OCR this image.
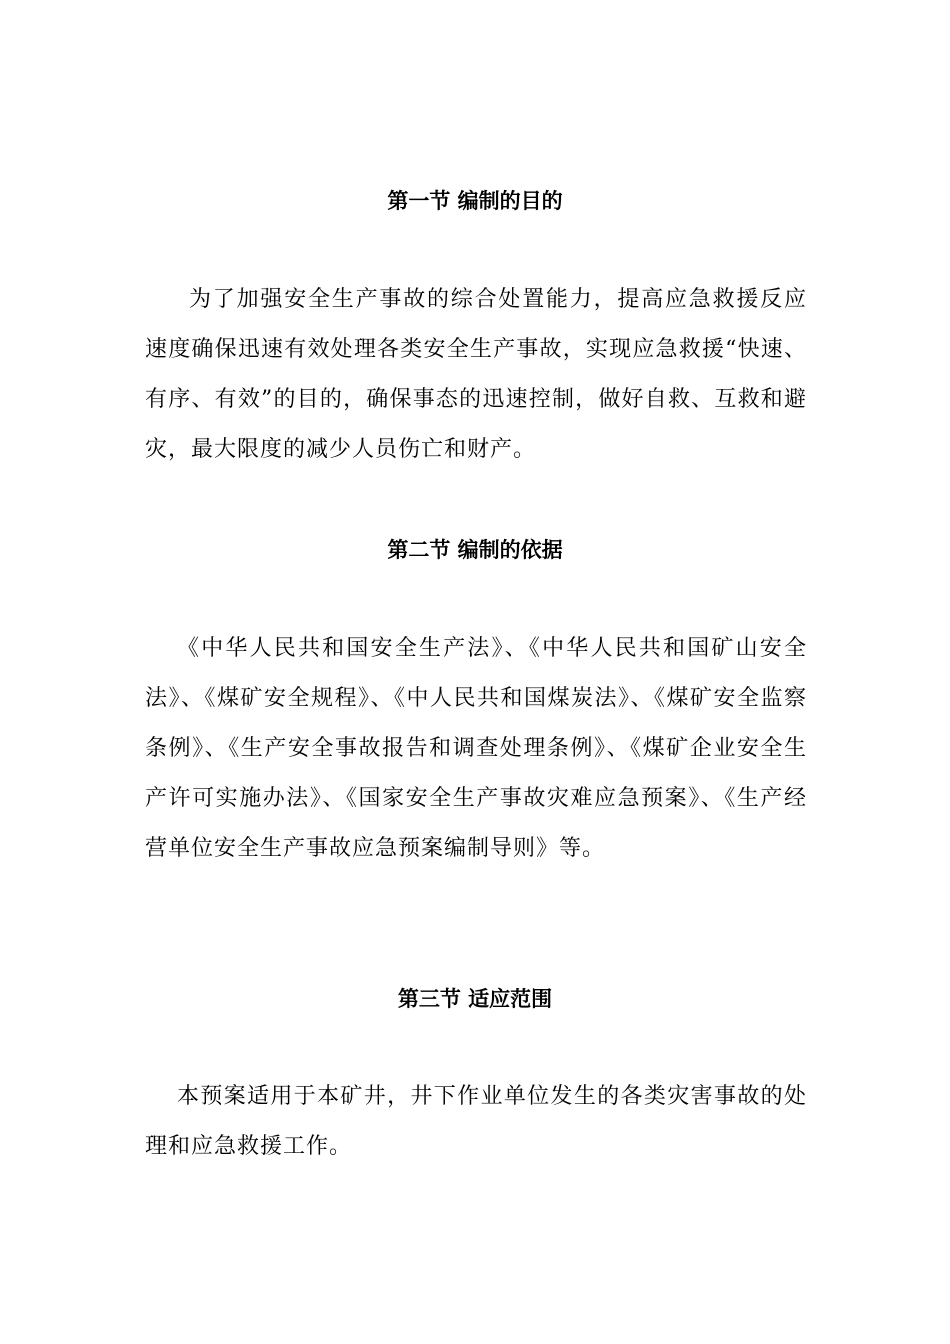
第一节 编制的目的

为了加强安全生产事故的综合处置能力，提高应急救援反应速度确保迅速有效处理各类安全生产事故，实现应急救援“快速、有序、有效”的目的，确保事态的迅速控制，做好自救、互救和避灾，最大限度的减少人员伤亡和财产。

第二节 编制的依据

《中华人民共和国安全生产法》、《中华人民共和国矿山安全法》、《煤矿安全规程》、《中人民共和国煤炭法》、《煤矿安全监察条例》、《生产安全事故报告和调查处理条例》、《煤矿企业安全生产许可实施办法》、《国家安全生产事故灾难应急预案》、《生产经营单位安全生产事故应急预案编制导则》等。

第三节 适应范围

本预案适用于本矿井，井下作业单位发生的各类灾害事故的处理和应急救援工作。
